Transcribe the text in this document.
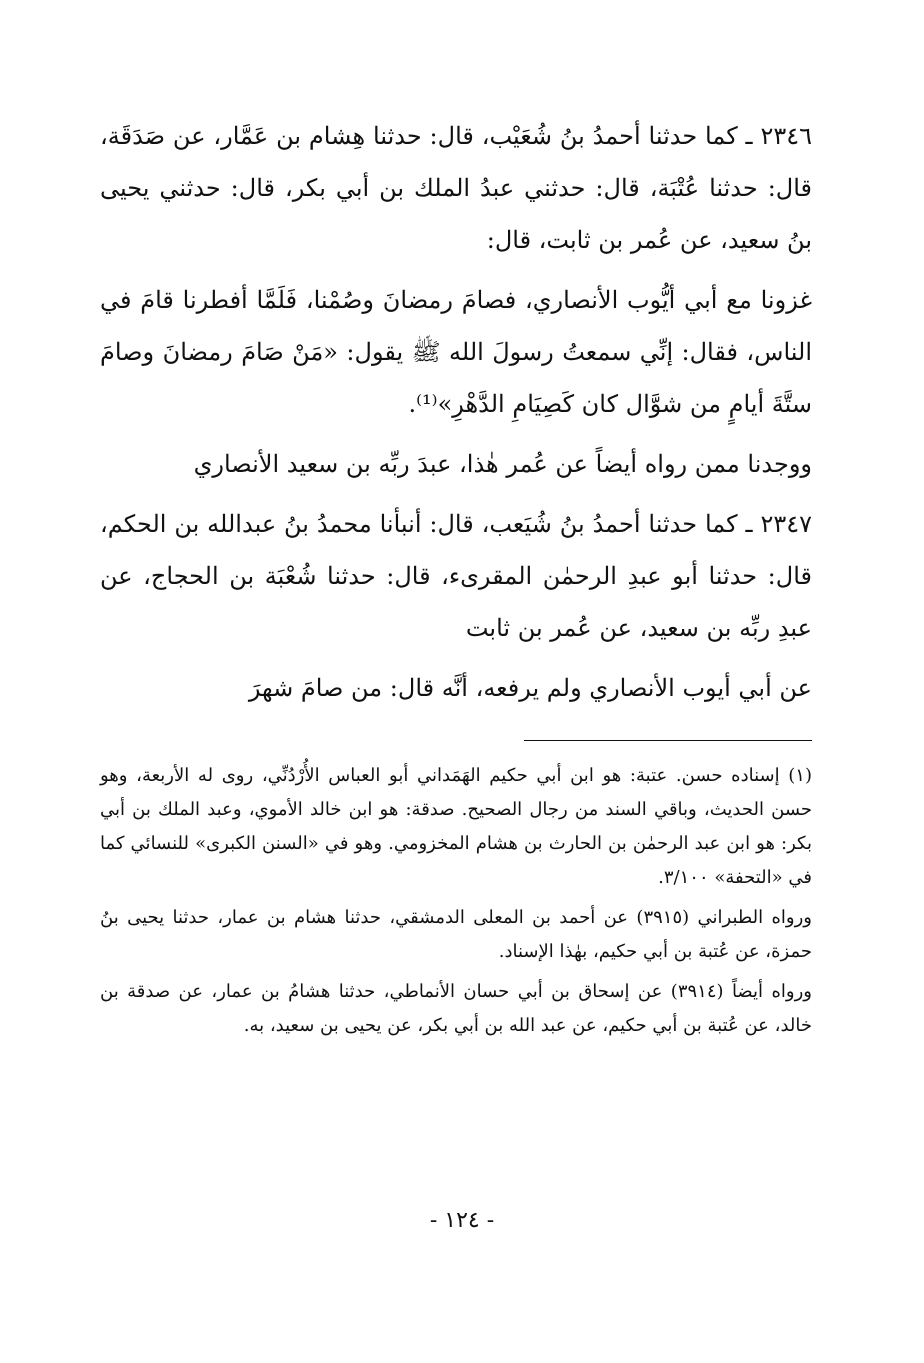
٢٣٤٦ ـ كما حدثنا أحمدُ بنُ شُعَيْب، قال: حدثنا هِشام بن عَمَّار، عن صَدَقَة، قال: حدثنا عُتْبَة، قال: حدثني عبدُ الملك بن أبي بكر، قال: حدثني يحيى بنُ سعيد، عن عُمر بن ثابت، قال:

غزونا مع أبي أيُّوب الأنصاري، فصامَ رمضانَ وصُمْنا، فَلَمَّا أفطرنا قامَ في الناس، فقال: إنِّي سمعتُ رسولَ الله ﷺ يقول: «مَنْ صَامَ رمضانَ وصامَ ستَّةَ أيامٍ من شوَّال كان كَصِيَامِ الدَّهْرِ»⁽¹⁾.

ووجدنا ممن رواه أيضاً عن عُمر هٰذا، عبدَ ربِّه بن سعيد الأنصاري

٢٣٤٧ ـ كما حدثنا أحمدُ بنُ شُيَعب، قال: أنبأنا محمدُ بنُ عبدالله بن الحكم، قال: حدثنا أبو عبدِ الرحمٰن المقرىء، قال: حدثنا شُعْبَة بن الحجاج، عن عبدِ ربِّه بن سعيد، عن عُمر بن ثابت

عن أبي أيوب الأنصاري ولم يرفعه، أنَّه قال: من صامَ شهرَ

(١) إسناده حسن. عتبة: هو ابن أبي حكيم الهَمَداني أبو العباس الأُرْدُنِّي، روى له الأربعة، وهو حسن الحديث، وباقي السند من رجال الصحيح. صدقة: هو ابن خالد الأموي، وعبد الملك بن أبي بكر: هو ابن عبد الرحمٰن بن الحارث بن هشام المخزومي. وهو في «السنن الكبرى» للنسائي كما في «التحفة» ٣/١٠٠.

ورواه الطبراني (٣٩١٥) عن أحمد بن المعلى الدمشقي، حدثنا هشام بن عمار، حدثنا يحيى بنُ حمزة، عن عُتبة بن أبي حكيم، بهٰذا الإسناد.

ورواه أيضاً (٣٩١٤) عن إسحاق بن أبي حسان الأنماطي، حدثنا هشامُ بن عمار، عن صدقة بن خالد، عن عُتبة بن أبي حكيم، عن عبد الله بن أبي بكر، عن يحيى بن سعيد، به.

- ١٢٤ -
